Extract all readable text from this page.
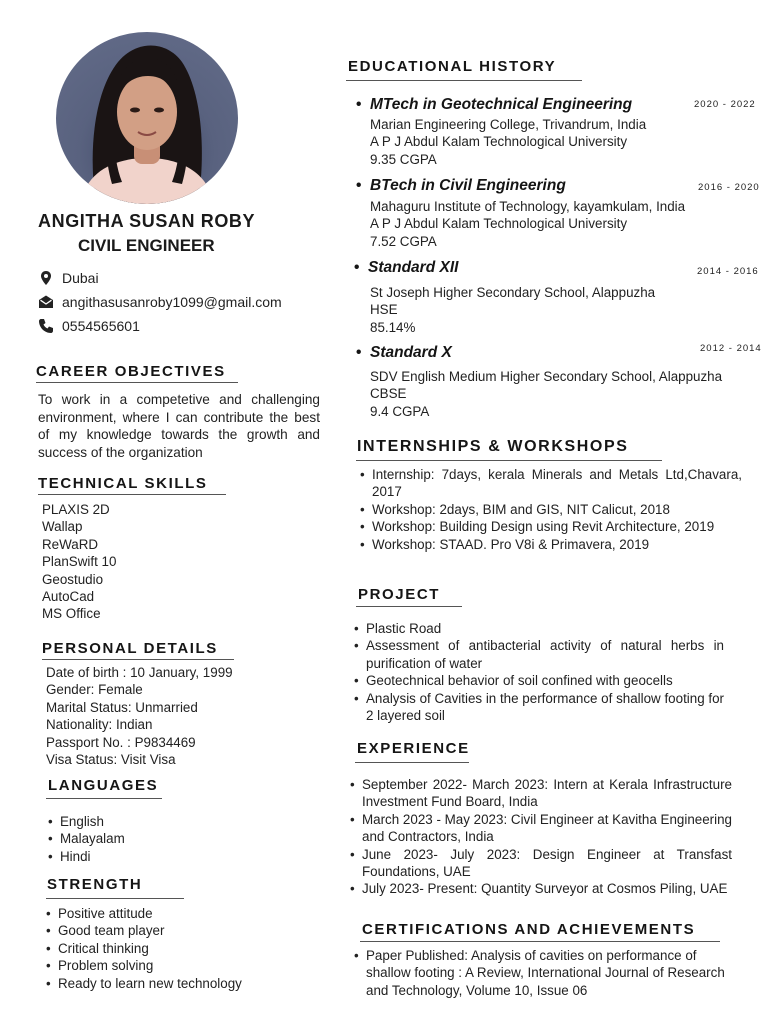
ANGITHA SUSAN ROBY
CIVIL ENGINEER
Dubai
angithasusanroby1099@gmail.com
0554565601
CAREER OBJECTIVES
To work in a competetive and challenging environment, where I can contribute the best of my knowledge towards the growth and success of the organization
TECHNICAL SKILLS
PLAXIS 2D
Wallap
ReWaRD
PlanSwift 10
Geostudio
AutoCad
MS Office
PERSONAL DETAILS
Date of birth : 10 January, 1999
Gender: Female
Marital Status: Unmarried
Nationality: Indian
Passport No. : P9834469
Visa Status: Visit Visa
LANGUAGES
• English
• Malayalam
• Hindi
STRENGTH
• Positive attitude
• Good team player
• Critical thinking
• Problem solving
• Ready to learn new technology
EDUCATIONAL HISTORY
• MTech in Geotechnical Engineering	2020 - 2022
Marian Engineering College, Trivandrum, India
A P J Abdul Kalam Technological University
9.35 CGPA
• BTech in Civil Engineering	2016 - 2020
Mahaguru Institute of Technology, kayamkulam, India
A P J Abdul Kalam Technological University
7.52 CGPA
• Standard XII	2014 - 2016
St Joseph Higher Secondary School, Alappuzha
HSE
85.14%
• Standard X	2012 - 2014
SDV English Medium Higher Secondary School, Alappuzha
CBSE
9.4 CGPA
INTERNSHIPS & WORKSHOPS
• Internship: 7days, kerala Minerals and Metals Ltd,Chavara, 2017
• Workshop: 2days, BIM and GIS, NIT Calicut, 2018
• Workshop: Building Design using Revit Architecture, 2019
• Workshop: STAAD. Pro V8i & Primavera, 2019
PROJECT
• Plastic Road
• Assessment of antibacterial activity of natural herbs in purification of water
• Geotechnical behavior of soil confined with geocells
• Analysis of Cavities in the performance of shallow footing for 2 layered soil
EXPERIENCE
• September 2022- March 2023: Intern at Kerala Infrastructure Investment Fund Board, India
• March 2023 - May 2023: Civil Engineer at Kavitha Engineering and Contractors, India
• June 2023- July 2023: Design Engineer at Transfast Foundations, UAE
• July 2023- Present: Quantity Surveyor at Cosmos Piling, UAE
CERTIFICATIONS AND ACHIEVEMENTS
• Paper Published: Analysis of cavities on performance of shallow footing : A Review, International Journal of Research and Technology, Volume 10, Issue 06
